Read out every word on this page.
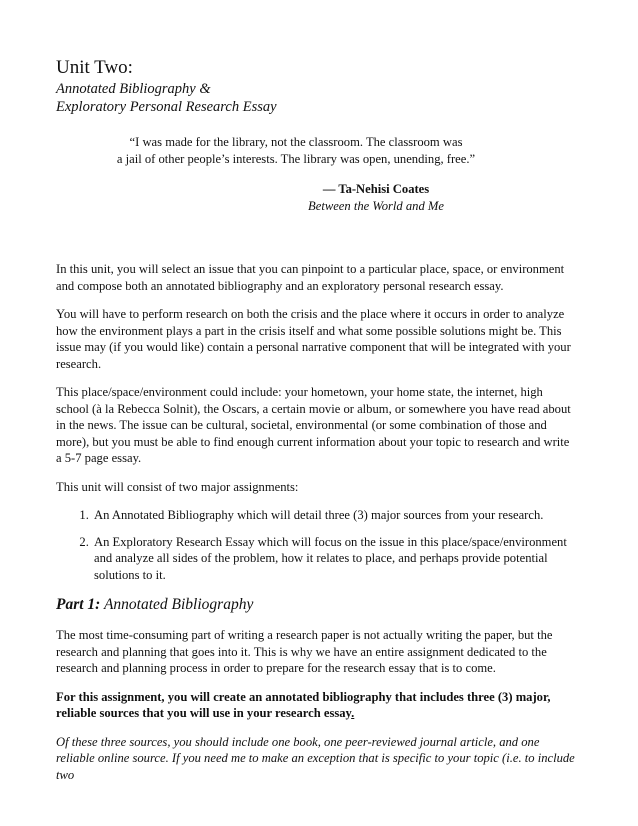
Unit Two:
Annotated Bibliography &
Exploratory Personal Research Essay
“I was made for the library, not the classroom. The classroom was
a jail of other people’s interests. The library was open, unending, free.”
— Ta-Nehisi Coates
Between the World and Me

In this unit, you will select an issue that you can pinpoint to a particular place, space, or environment and compose both an annotated bibliography and an exploratory personal research essay.

You will have to perform research on both the crisis and the place where it occurs in order to analyze how the environment plays a part in the crisis itself and what some possible solutions might be. This issue may (if you would like) contain a personal narrative component that will be integrated with your research.

This place/space/environment could include: your hometown, your home state, the internet, high school (à la Rebecca Solnit), the Oscars, a certain movie or album, or somewhere you have read about in the news. The issue can be cultural, societal, environmental (or some combination of those and more), but you must be able to find enough current information about your topic to research and write a 5-7 page essay.

This unit will consist of two major assignments:

1. An Annotated Bibliography which will detail three (3) major sources from your research.
2. An Exploratory Research Essay which will focus on the issue in this place/space/environment and analyze all sides of the problem, how it relates to place, and perhaps provide potential solutions to it.
Part 1: Annotated Bibliography

The most time-consuming part of writing a research paper is not actually writing the paper, but the research and planning that goes into it. This is why we have an entire assignment dedicated to the research and planning process in order to prepare for the research essay that is to come.

For this assignment, you will create an annotated bibliography that includes three (3) major, reliable sources that you will use in your research essay.

Of these three sources, you should include one book, one peer-reviewed journal article, and one reliable online source. If you need me to make an exception that is specific to your topic (i.e. to include two
